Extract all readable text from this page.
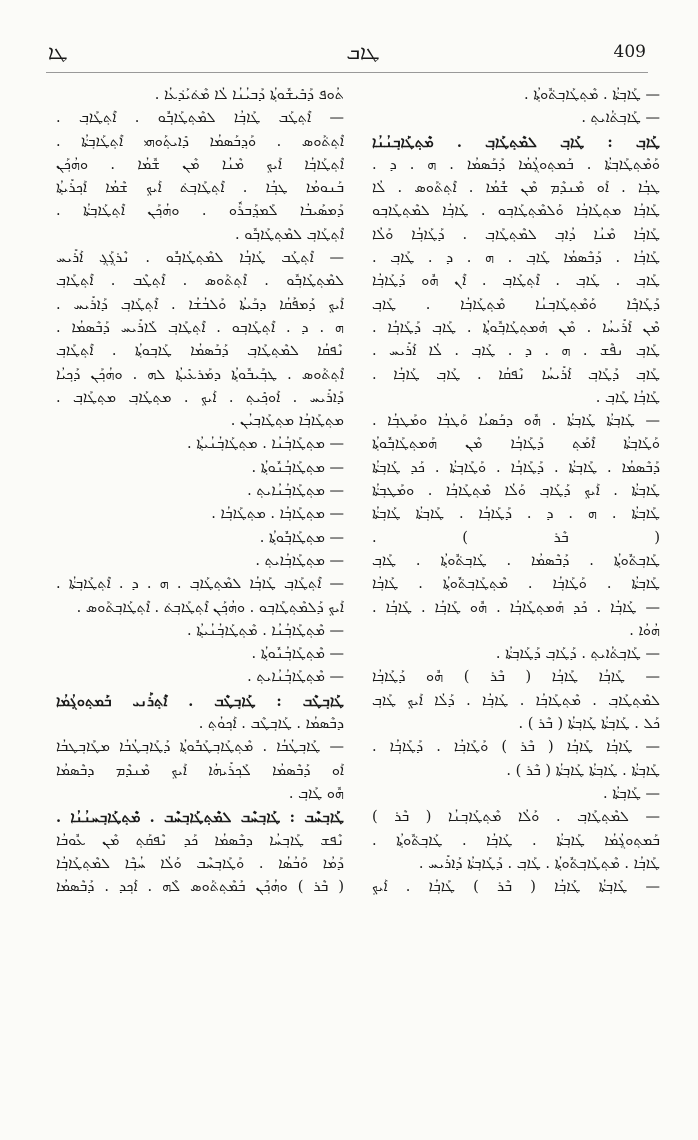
ܛܐ	ܛܐܒ	409
— ܛܰܐܒ݂ܬ݁ܳܐ . ܡܶܬ݂ܛܰܐܒ݂ܬ݁ܽܘܬ݂ܳܐ .
— ܛܰܐܒ݂ܬ݁ܳܐܝܬ݂ .
ܛܰܐܒ݂ : ܛܰܐܒ݂ ܠܡܶܬ݂ܛܰܐܒ݂ . ܡܶܬ݂ܛܰܐܒ݂ܢܳܢܳܐ
ܘܰܡܶܬ݂ܛܰܐܒ݂ܬ݁ܳܐ . ܒܰܡܬ݂ܘܓ݂ܳܡܳܐ ܕܰܒܰܣܡܳܐ . ܗ . ܕ .
ܛܒ݂ܳܐ . ܐܰܘ ܡܶܢܕܶܡ ܡܶܢ ܫܽܡܳܐ . ܐܶܬ݂ܬ݁ܰܘܣ . ܠܳܐ
ܛܰܐܒ݂ܳܐ ܡܬ݂ܛܰܐܒ݂ܳܐ ܘܰܠܡܶܬ݂ܛܰܐܒ݂ܘ . ܛܰܐܒ݂ܳܐ ܠܡܶܬ݂ܛܰܐܒ݂ܘ
ܛܰܐܒ݂ܳܐ ܡܶܢܳܐ ܕܳܐܒ݂ ܠܡܶܬ݂ܛܰܐܒ݂ . ܕܰܛܰܐܒ݂ܳܐ ܘܰܠܳܐ
ܛܰܐܒ݂ܳܐ . ܕܰܒܶܣܡܳܐ ܛܰܐܒ݂ . ܗ . ܕ . ܛܰܐܒ݂ .
ܛܰܐܒ݂ . ܛܰܐܒ݂ . ܐܶܬ݂ܛܰܐܒ݂ . ܐܶܢ ܗܽܘ ܕܰܛܰܐܒ݂ܳܐ
ܕܰܛܰܐܒ݂ܶܐ ܘܰܡܶܬ݂ܛܰܐܒ݂ܢܳܐ ܡܶܬ݂ܛܰܐܒ݂ܳܐ . ܛܰܐܒ݂
ܡܶܢ ܐܰܪܺܝܚܳܐ . ܡܶܢ ܗܰܡܬ݂ܛܰܐܒ݂ܽܘܬ݂ܳܐ . ܛܰܐܒ݂ ܕܰܛܰܐܒ݂ܳܐ .
ܛܰܐܒ݂ ܢܦܶܫ . ܗ . ܕ . ܛܰܐܒ݂ . ܠܳܐ ܐܰܪܺܝܚ .
ܛܰܐܒ݂ ܕܰܛܰܐܒ݂ ܐܰܪܺܝܚܳܐ ܢܶܦܩܳܐ . ܛܰܐܒ݂ ܛܰܐܒ݂ܳܐ .
ܛܰܐܒ݂ܳܐ ܛܰܐܒ݂ .
— ܛܰܐܒ݂ܬ݁ܳܐ ܛܰܐܒ݂ܬ݁ܳܐ . ܗܽܘ ܕܒܰܣܝܳܐ ܘܰܛܒ݂ܳܐ ܘܡܰܛܒ݂ܳܐ .
ܘܰܛܰܐܒ݂ܬ݁ܳܐ ܐܶܡܰܬ݂ ܕܰܛܰܐܒ݂ܳܐ ܡܶܢ ܗܰܡܬ݂ܛܰܐܒ݂ܽܘܬ݂ܳܐ
ܕܰܒܶܣܡܳܐ . ܛܰܐܒ݂ܬ݁ܳܐ . ܕܰܛܰܐܒ݂ܳܐ . ܘܰܛܰܐܒ݂ܬ݁ܳܐ . ܟܰܕ ܛܰܐܒ݂ܬ݁ܳܐ
ܛܰܐܒ݂ܬ݁ܳܐ . ܐܰܝܟ݂ ܕܰܛܰܐܒ݂ ܘܰܠܳܐ ܡܶܬ݂ܛܰܐܒ݂ܳܐ . ܘܡܰܛܒ݂ܬ݁ܳܐ
ܛܰܐܒ݂ܬ݁ܳܐ . ܗ . ܕ . ܕܰܛܰܐܒ݂ܳܐ . ܛܰܐܒ݂ܬ݁ܳܐ ܛܰܐܒ݂ܬ݁ܳܐ
( ܒܶܪ ) .
ܛܰܐܒ݂ܬ݁ܽܘܬ݂ܳܐ . ܕܰܒܶܣܡܳܐ . ܛܰܐܒ݂ܬ݁ܽܘܬ݂ܳܐ . ܛܰܐܒ݂
ܛܰܐܒ݂ܬ݁ܳܐ . ܘܰܛܰܐܒ݂ܳܐ . ܡܶܬ݂ܛܰܐܒ݂ܬ݁ܽܘܬ݂ܳܐ . ܛܰܐܒ݂ܳܐ
— ܛܰܐܒ݂ܳܐ . ܟܰܕ ܗܰܡܬ݂ܛܰܐܒ݂ܳܐ . ܗܽܘ ܛܰܐܒ݂ܳܐ . ܛܰܐܒ݂ܳܐ .
ܗܳܘܳܐ .
— ܛܰܐܒ݂ܬ݁ܳܐܝܬ݂ . ܕܰܛܰܐܒ݂ ܕܰܛܰܐܒ݂ܬ݁ܳܐ .
— ܛܰܐܒ݂ܳܐ ܛܰܐܒ݂ܳܐ ( ܒܶܪ ) ܗܽܘ ܕܰܛܰܐܒ݂ܳܐ
ܠܡܶܬ݂ܛܰܐܒ݂ . ܡܶܬ݂ܛܰܐܒ݂ܳܐ . ܛܰܐܒ݂ܳܐ . ܕܰܠܳܐ ܐܰܝܟ݂ ܛܰܐܒ݂
ܟܰܠ . ܛܰܐܒ݂ܬ݁ܳܐ ܛܰܐܒ݂ܬ݁ܳܐ ( ܒܶܪ ) .
— ܛܰܐܒ݂ܳܐ ܛܰܐܒ݂ܳܐ ( ܒܶܪ ) ܘܰܛܰܐܒ݂ܳܐ . ܕܰܛܰܐܒ݂ܳܐ .
ܛܰܐܒ݂ܬ݁ܳܐ . ܛܰܐܒ݂ܬ݁ܳܐ ܛܰܐܒ݂ܬ݁ܳܐ ( ܒܶܪ ) .
— ܛܰܐܒ݂ܬ݁ܳܐ .
— ܠܡܶܬ݂ܛܰܐܒ݂ . ܘܰܠܳܐ ܡܶܬ݂ܛܰܐܒ݂ܢܳܐ ( ܒܶܪ )
ܒܰܡܬ݂ܘܓ݂ܳܡܳܐ ܛܰܐܒ݂ܬ݁ܳܐ . ܛܰܐܒ݂ܳܐ . ܛܰܐܒ݂ܬ݁ܽܘܬ݂ܳܐ .
ܛܰܐܒ݂ܳܐ . ܡܶܬ݂ܛܰܐܒ݂ܬ݁ܽܘܬ݂ܳܐ . ܛܰܐܒ݂ . ܕܰܛܰܐܒ݂ܬ݁ܳܐ ܕܰܐܪܺܝܚ .
— ܛܰܐܒ݂ܬ݁ܳܐ ܛܰܐܒ݂ܳܐ ( ܒܶܪ ) ܛܰܐܒ݂ܳܐ . ܐܰܝܟ݂
ܬܳܘܦ ܕܰܒܺܝܫܽܘܬ݂ܳܐ ܕܰܒܝܳܢܳܐ ܠܳܐ ܡܶܬ݁ܝܰܕ݁ܥܳܐ .
— ܐܶܬ݂ܛܰܒ ܛܰܐܒ݂ܳܐ ܠܡܶܬ݂ܛܰܐܒ݂ܽܘ . ܐܶܬ݂ܛܰܐܒ݂ .
ܐܶܬ݂ܬ݁ܰܘܣ . ܘܰܕ݂ܒܰܣܡܳܐ ܕܺܐܝܬ݂ܰܘܗܝ ܐܶܬ݂ܛܰܐܒ݂ܬ݁ܳܐ .
ܐܶܬ݂ܛܰܐܒ݂ܳܐ ܐܰܝܟ݂ ܡܶܢܳܐ ܡܶܢ ܫܽܡܳܐ . ܘܗܳܟ݂ܰܢ
ܒܰܢܘܡܳܐ ܛܒ݂ܳܐ . ܐܶܬ݂ܛܰܐܒ݂ܬ݁ ܐܰܝܟ݂ ܫܶܡܳܐ ܐܰܟ݂ܪܺܝܬ݂ܳܐ
ܕܰܡܣܰܝܒܳܐ ܠܰܡܕ݂ܰܒܪܽܘ . ܘܗܳܟ݂ܰܢ ܐܶܬ݂ܛܰܐܒ݂ܬ݁ܳܐ .
ܐܶܬ݂ܛܰܐܒ݂ ܠܡܶܬ݂ܛܰܐܒ݂ܽܘ .
— ܐܶܬ݂ܛܰܒ ܛܰܐܒ݂ܳܐ ܠܡܶܬ݂ܛܰܐܒ݂ܽܘ . ܢܶܪܓ݂ܰܓ݂ ܐܰܪܺܝܚ
ܠܡܶܬ݂ܛܰܐܒ݂ܽܘ . ܐܶܬ݂ܬ݁ܰܘܣ . ܐܶܬ݂ܛܶܒ . ܐܶܬ݂ܛܰܐܒ݂
ܐܰܝܟ݂ ܕܰܡܦܰܩܳܐ ܕܒܰܝܬܳܐ ܘܰܠܒܳܫܳܐ . ܐܶܬ݂ܛܰܐܒ݂ ܕܰܐܪܺܝܚ .
ܗ . ܕ . ܐܶܬ݂ܛܰܐܒ݂ܘ . ܐܶܬ݂ܛܰܐܒ݂ ܠܰܐܪܺܝܚ ܕܰܒܶܣܡܳܐ .
ܢܶܦܩܳܐ ܠܡܶܬ݂ܛܰܐܒ݂ ܕܰܒܰܣܡܳܐ ܛܰܐܒ݂ܘܬ݂ܳܐ . ܐܶܬ݂ܛܰܐܒ݂
ܐܶܬ݂ܬ݁ܰܘܣ . ܛܒ݂ܰܝܒܽܘܬ݂ܳܐ ܕܡܰܪܥܺܝܬ݂ܳܐ ܠܗ . ܘܗܳܟ݂ܰܢ ܕܰܟ݂ܝܳܐ
ܕܰܐܪܺܝܚ . ܐܰܘܟ݂ܺܝܬ݂ . ܐܰܝܟ݂ . ܡܬ݂ܛܰܐܒ݂ ܡܬ݂ܛܰܐܒ݂ .
ܡܬ݂ܛܰܐܒ݂ܳܐ ܡܬ݂ܛܰܐܒ݂ܝܳܢ .
— ܡܬ݂ܛܰܐܒ݂ܳܢܳܐ . ܡܬ݂ܛܰܐܒ݂ܳܢܳܝܬ݂ܳܐ .
— ܡܬ݂ܛܰܐܒ݂ܳܢܽܘܬ݂ܳܐ .
— ܡܬ݂ܛܰܐܒ݂ܳܢܳܐܝܬ݂ .
— ܡܬ݂ܛܰܐܒ݂ܳܐ . ܡܬ݂ܛܰܐܒ݂ܳܐ .
— ܡܬ݂ܛܰܐܒ݂ܽܘܬ݂ܳܐ .
— ܡܬ݂ܛܰܐܒ݂ܳܐܝܬ݂ .
— ܐܶܬ݂ܛܰܐܒ݂ ܛܰܐܒ݂ܳܐ ܠܡܶܬ݂ܛܰܐܒ݂ . ܗ . ܕ . ܐܶܬ݂ܛܰܐܒ݂ܬ݁ܳܐ .
ܐܰܝܟ݂ ܕܰܠܡܶܬ݂ܛܰܐܒ݂ܘ . ܘܗܳܟ݂ܰܢ ܐܶܬ݂ܛܰܐܒ݂ܬ݁ . ܐܶܬ݂ܛܰܐܒ݂ܬ݁ܰܘܣ .
— ܡܶܬ݂ܛܰܐܒ݂ܳܢܳܐ . ܡܶܬ݂ܛܰܐܒ݂ܳܢܳܝܬ݂ܳܐ .
— ܡܶܬ݂ܛܰܐܒ݂ܳܢܽܘܬ݂ܳܐ .
— ܡܶܬ݂ܛܰܐܒ݂ܳܢܳܐܝܬ݂ .
ܛܰܐܒ݂ܛܶܒ : ܛܰܐܒ݂ܛܶܒ . ܐܶܬ݂ܪܰܢܝ ܒܰܡܬ݂ܘܓ݂ܳܡܳܐ
ܕܒܶܣܡܳܐ . ܛܰܐܒ݂ܛܶܒ . ܐܰܟ݂ܘܳܬ݂ .
— ܛܰܐܒ݂ܛܳܒܳܐ . ܡܶܬ݂ܛܰܐܒ݂ܛܰܒܽܘܬ݂ܳܐ ܕܰܛܰܐܒ݂ܛܳܒܳܐ ܡܛܰܐܒ݂ܛܒܳܐ
ܐܰܘ ܕܰܒܶܣܡܳܐ ܠܰܟ݂ܪܺܝܗܳܐ ܐܰܝܟ݂ ܡܶܢܕܶܡ ܕܒܶܣܡܳܐ
ܗܽܘ ܛܰܐܒ݂ .
ܛܰܐܒ݂ܚܶܒ : ܛܰܐܒ݂ܚܶܒ ܠܡܶܬ݂ܛܰܐܒ݂ܚܶܒ . ܡܶܬ݂ܛܰܐܒ݂ܚܢܳܢܳܐ .
ܢܶܦܫ ܛܰܐܒ݂ܚܳܐ ܕܒܶܣܡܳܐ ܟܰܕ ܢܶܦܩܰܬ݂ ܡܶܢ ܥܽܘܒܳܐ
ܕܰܡܳܐ ܘܰܒܳܣܳܐ . ܘܰܛܰܐܒ݂ܚܶܒ ܘܰܠܳܐ ܚܳܒ݂ܶܐ ܠܡܶܬ݂ܛܰܐܒ݂ܳܐ
( ܒܶܪ ) ܘܗܳܟ݂ܰܢ ܒܰܡܶܬ݂ܬ݁ܰܘܣ ܠܶܗ . ܐܰܟ݂ܕ . ܕܰܒܶܣܡܳܐ
